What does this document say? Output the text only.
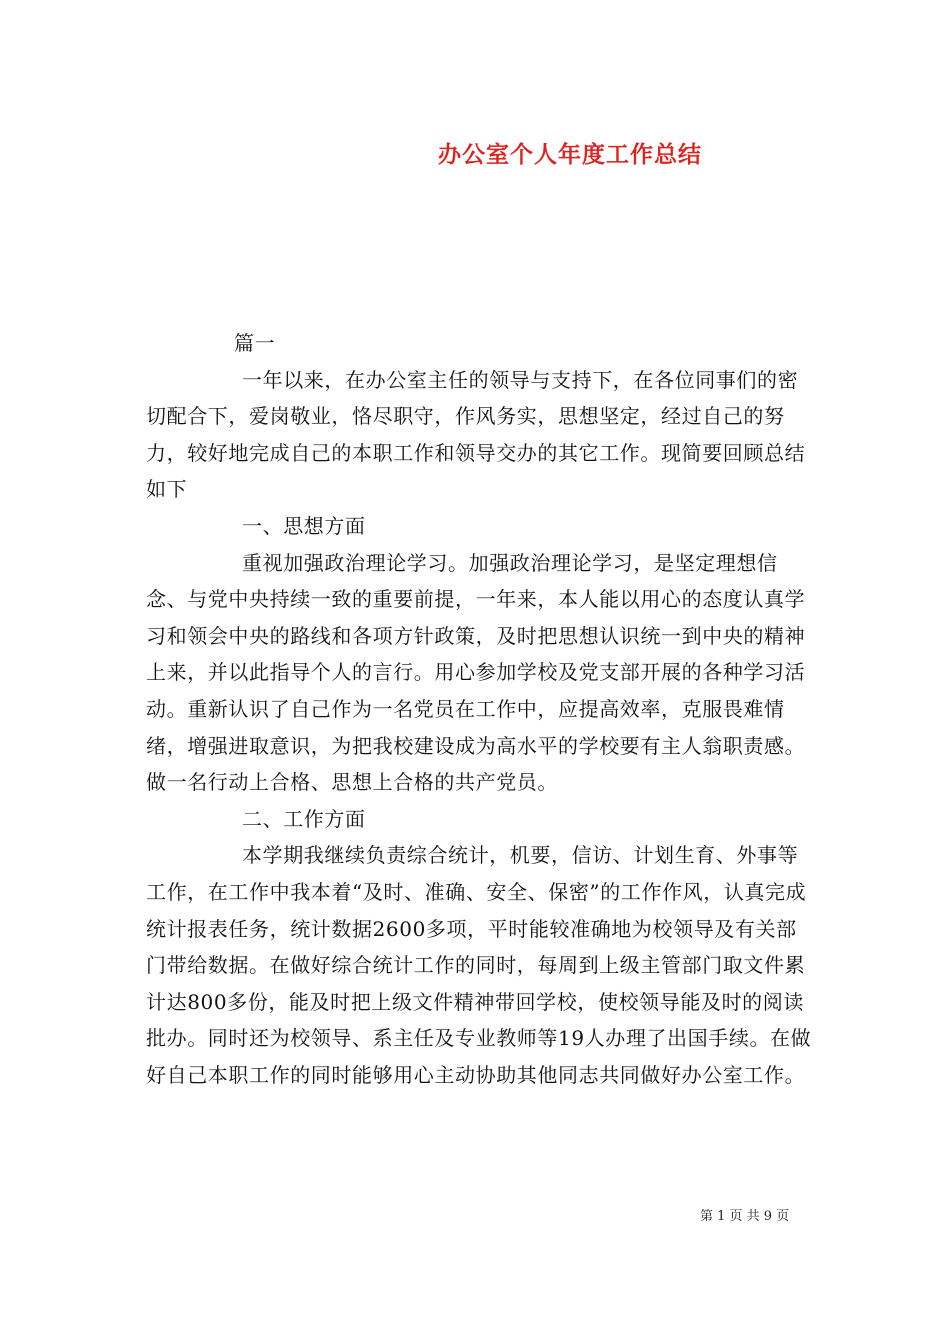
办公室个人年度工作总结

篇一

一年以来，在办公室主任的领导与支持下，在各位同事们的密切配合下，爱岗敬业，恪尽职守，作风务实，思想坚定，经过自己的努力，较好地完成自己的本职工作和领导交办的其它工作。现简要回顾总结如下

一、思想方面

重视加强政治理论学习。加强政治理论学习，是坚定理想信念、与党中央持续一致的重要前提，一年来，本人能以用心的态度认真学习和领会中央的路线和各项方针政策，及时把思想认识统一到中央的精神上来，并以此指导个人的言行。用心参加学校及党支部开展的各种学习活动。重新认识了自己作为一名党员在工作中，应提高效率，克服畏难情绪，增强进取意识，为把我校建设成为高水平的学校要有主人翁职责感。做一名行动上合格、思想上合格的共产党员。

二、工作方面

本学期我继续负责综合统计，机要，信访、计划生育、外事等工作，在工作中我本着“及时、准确、安全、保密”的工作作风，认真完成统计报表任务，统计数据2600多项，平时能较准确地为校领导及有关部门带给数据。在做好综合统计工作的同时，每周到上级主管部门取文件累计达800多份，能及时把上级文件精神带回学校，使校领导能及时的阅读批办。同时还为校领导、系主任及专业教师等19人办理了出国手续。在做好自己本职工作的同时能够用心主动协助其他同志共同做好办公室工作。

第 1 页 共 9 页
